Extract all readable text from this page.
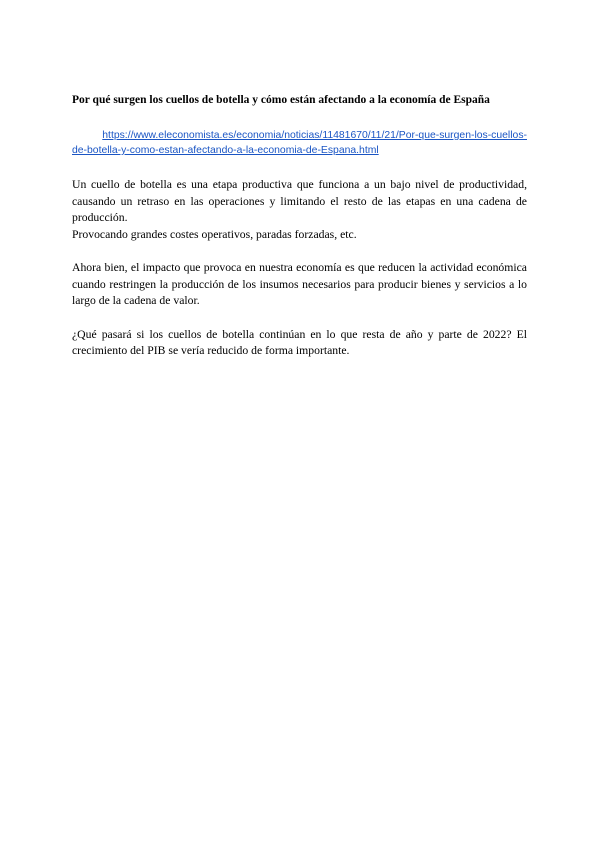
Por qué surgen los cuellos de botella y cómo están afectando a la economía de España

https://www.eleconomista.es/economia/noticias/11481670/11/21/Por-que-surgen-los-cuellos-
de-botella-y-como-estan-afectando-a-la-economia-de-Espana.html

Un cuello de botella es una etapa productiva que funciona a un bajo nivel de productividad, causando un retraso en las operaciones y limitando el resto de las etapas en una cadena de producción.

Provocando grandes costes operativos, paradas forzadas, etc.

Ahora bien, el impacto que provoca en nuestra economía es que reducen la actividad económica cuando restringen la producción de los insumos necesarios para producir bienes y servicios a lo largo de la cadena de valor.

¿Qué pasará si los cuellos de botella continúan en lo que resta de año y parte de 2022? El crecimiento del PIB se vería reducido de forma importante.
